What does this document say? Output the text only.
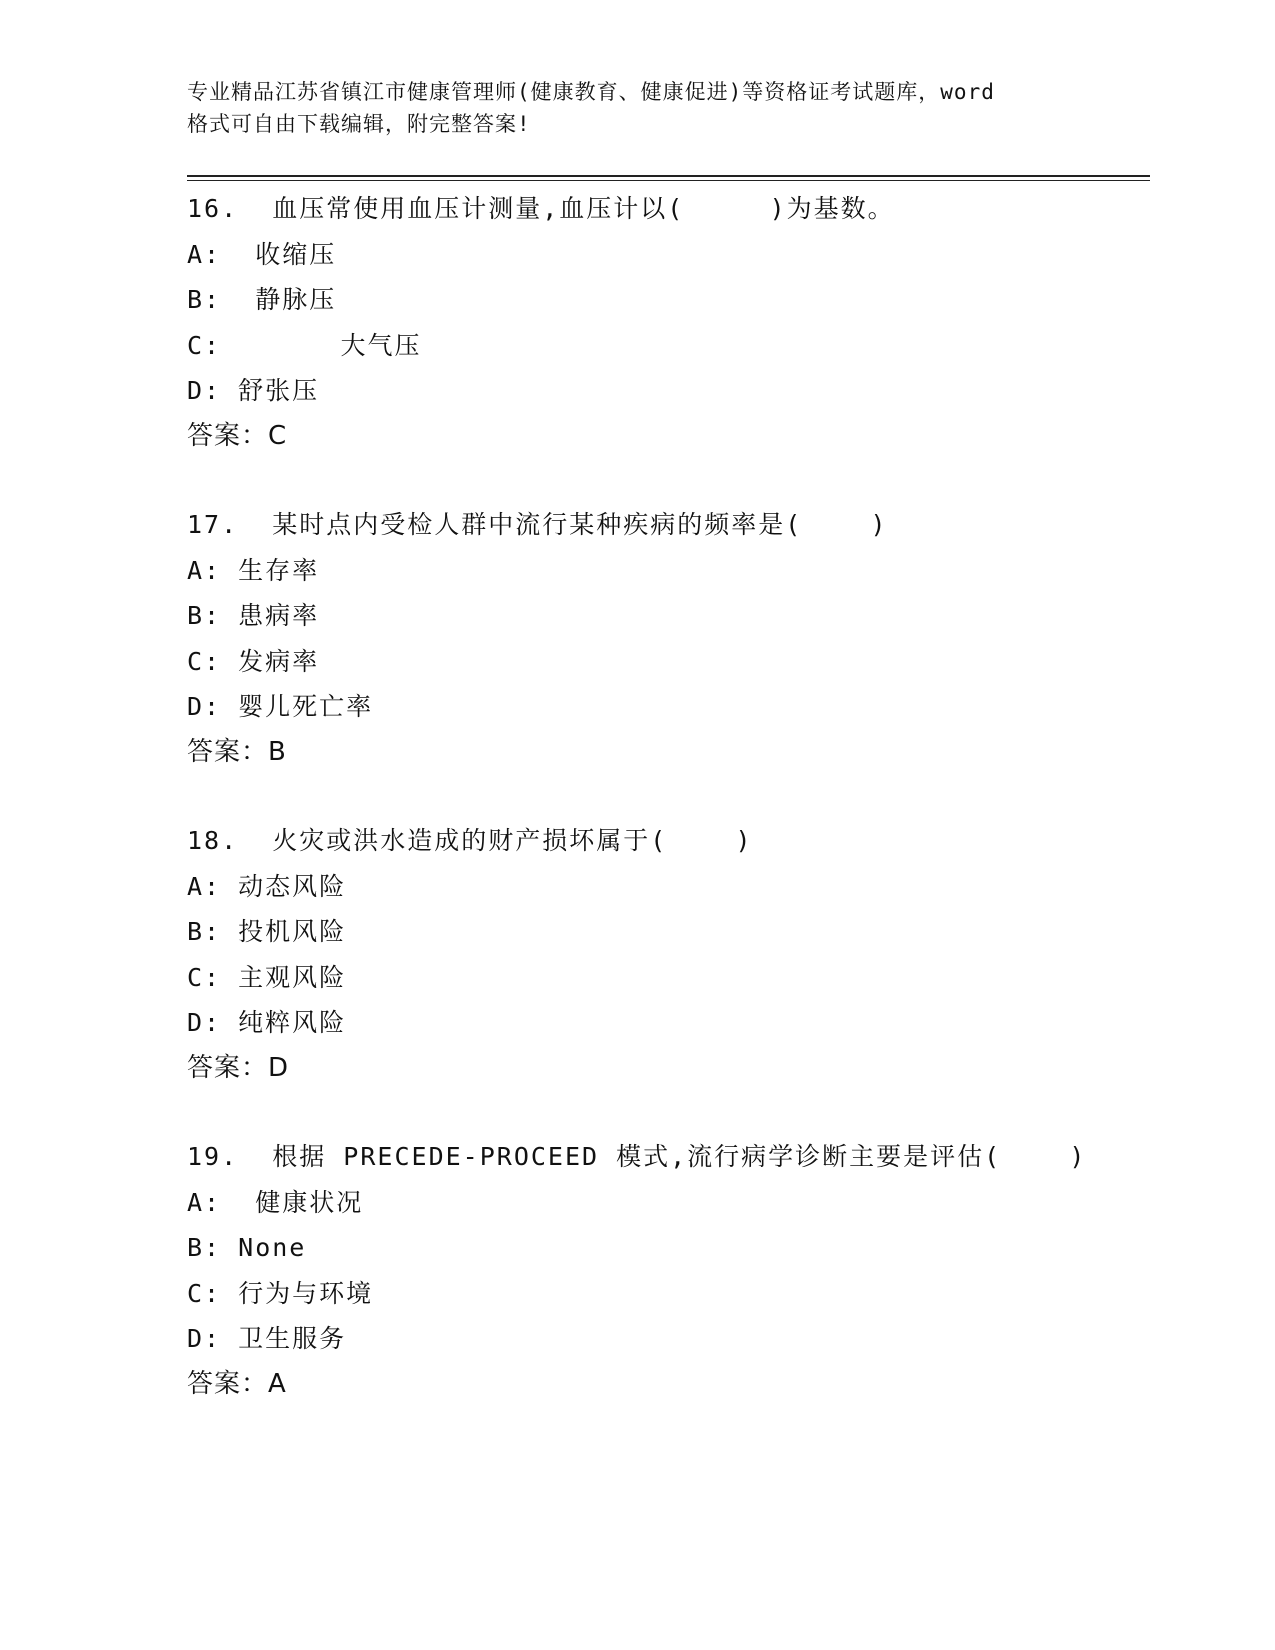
专业精品江苏省镇江市健康管理师(健康教育、健康促进)等资格证考试题库，word
格式可自由下载编辑，附完整答案!
16.  血压常使用血压计测量,血压计以(     )为基数。
A:  收缩压
B:  静脉压
C:       大气压
D: 舒张压
答案：C
17.  某时点内受检人群中流行某种疾病的频率是(    )
A: 生存率
B: 患病率
C: 发病率
D: 婴儿死亡率
答案：B
18.  火灾或洪水造成的财产损坏属于(    )
A: 动态风险
B: 投机风险
C: 主观风险
D: 纯粹风险
答案：D
19.  根据 PRECEDE-PROCEED 模式,流行病学诊断主要是评估(    )
A:  健康状况
B: None
C: 行为与环境
D: 卫生服务
答案：A
